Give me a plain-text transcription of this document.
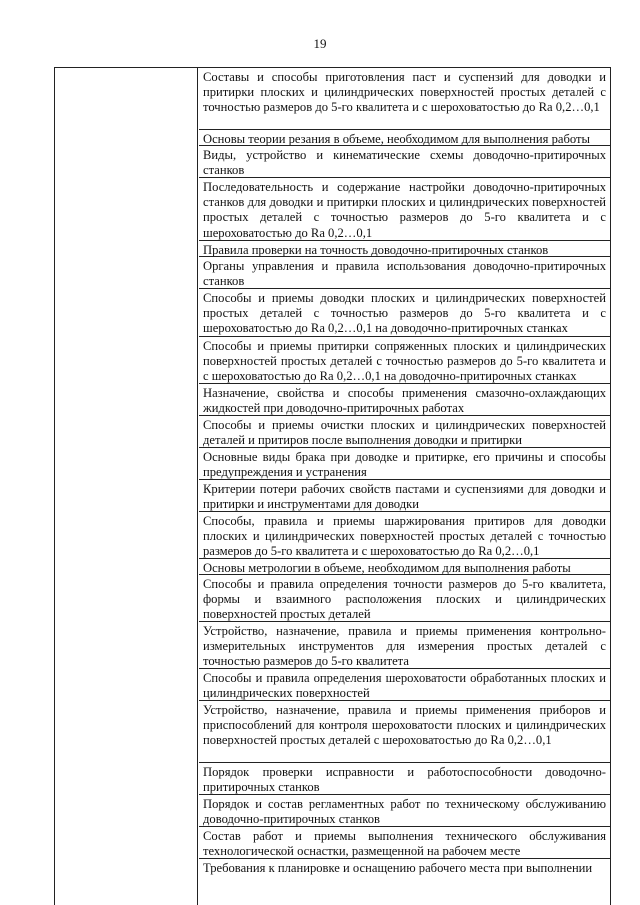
19
Составы и способы приготовления паст и суспензий для доводки и притирки плоских и цилиндрических поверхностей простых деталей с точностью размеров до 5-го квалитета и с шероховатостью до Ra 0,2…0,1
Основы теории резания в объеме, необходимом для выполнения работы
Виды, устройство и кинематические схемы доводочно-притирочных станков
Последовательность и содержание настройки доводочно-притирочных станков для доводки и притирки плоских и цилиндрических поверхностей простых деталей с точностью размеров до 5-го квалитета и с шероховатостью до Ra 0,2…0,1
Правила проверки на точность доводочно-притирочных станков
Органы управления и правила использования доводочно-притирочных станков
Способы и приемы доводки плоских и цилиндрических поверхностей простых деталей с точностью размеров до 5-го квалитета и с шероховатостью до Ra 0,2…0,1 на доводочно-притирочных станках
Способы и приемы притирки сопряженных плоских и цилиндрических поверхностей простых деталей с точностью размеров до 5-го квалитета и с шероховатостью до Ra 0,2…0,1 на доводочно-притирочных станках
Назначение, свойства и способы применения смазочно-охлаждающих жидкостей при доводочно-притирочных работах
Способы и приемы очистки плоских и цилиндрических поверхностей деталей и притиров после выполнения доводки и притирки
Основные виды брака при доводке и притирке, его причины и способы предупреждения и устранения
Критерии потери рабочих свойств пастами и суспензиями для доводки и притирки и инструментами для доводки
Способы, правила и приемы шаржирования притиров для доводки плоских и цилиндрических поверхностей простых деталей с точностью размеров до 5-го квалитета и с шероховатостью до Ra 0,2…0,1
Основы метрологии в объеме, необходимом для выполнения работы
Способы и правила определения точности размеров до 5-го квалитета, формы и взаимного расположения плоских и цилиндрических поверхностей простых деталей
Устройство, назначение, правила и приемы применения контрольно-измерительных инструментов для измерения простых деталей с точностью размеров до 5-го квалитета
Способы и правила определения шероховатости обработанных плоских и цилиндрических поверхностей
Устройство, назначение, правила и приемы применения приборов и приспособлений для контроля шероховатости плоских и цилиндрических поверхностей простых деталей с шероховатостью до Ra 0,2…0,1
Порядок проверки исправности и работоспособности доводочно-притирочных станков
Порядок и состав регламентных работ по техническому обслуживанию доводочно-притирочных станков
Состав работ и приемы выполнения технического обслуживания технологической оснастки, размещенной на рабочем месте
Требования к планировке и оснащению рабочего места при выполнении
